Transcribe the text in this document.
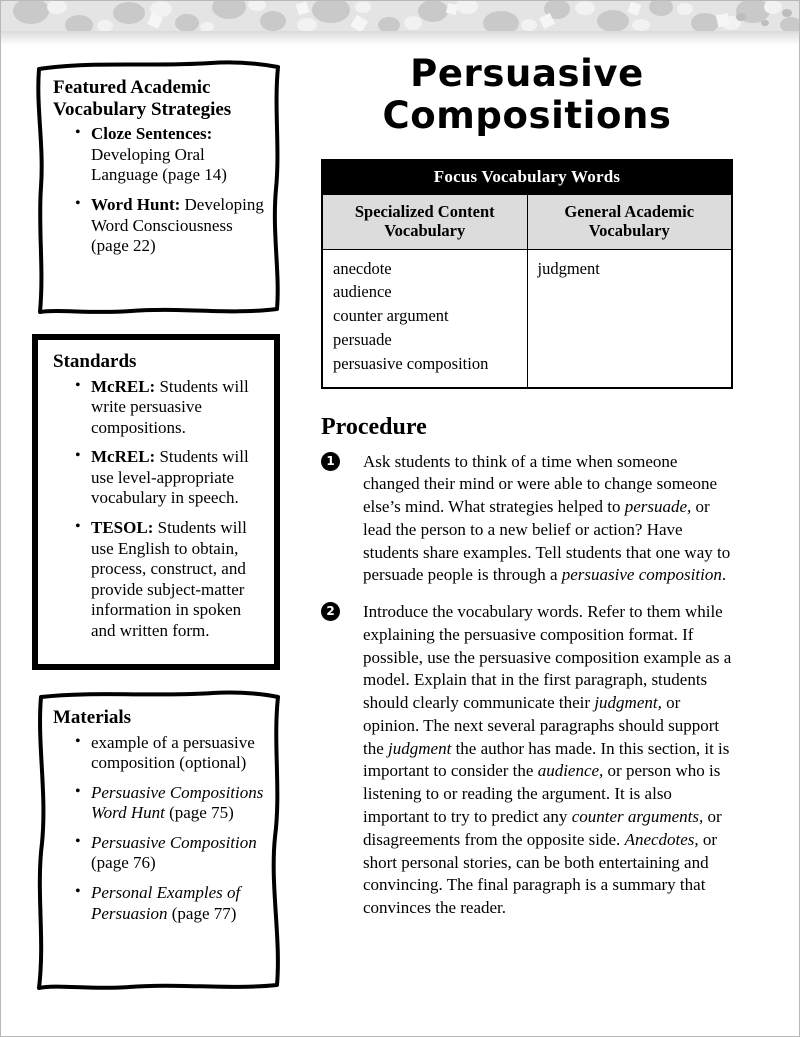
Featured Academic Vocabulary Strategies
• Cloze Sentences: Developing Oral Language (page 14)
• Word Hunt: Developing Word Consciousness (page 22)
Standards
• McREL: Students will write persuasive compositions.
• McREL: Students will use level-appropriate vocabulary in speech.
• TESOL: Students will use English to obtain, process, construct, and provide subject-matter information in spoken and written form.
Materials
• example of a persuasive composition (optional)
• Persuasive Compositions Word Hunt (page 75)
• Persuasive Composition (page 76)
• Personal Examples of Persuasion (page 77)
Persuasive Compositions
Focus Vocabulary Words	
Specialized Content Vocabulary	General Academic Vocabulary

anecdote
audience
counter argument
persuade
persuasive composition	judgment
Procedure
1	Ask students to think of a time when someone changed their mind or were able to change someone else’s mind. What strategies helped to persuade, or lead the person to a new belief or action? Have students share examples. Tell students that one way to persuade people is through a persuasive composition.
2	Introduce the vocabulary words. Refer to them while explaining the persuasive composition format. If possible, use the persuasive composition example as a model. Explain that in the first paragraph, students should clearly communicate their judgment, or opinion. The next several paragraphs should support the judgment the author has made. In this section, it is important to consider the audience, or person who is listening to or reading the argument. It is also important to try to predict any counter arguments, or disagreements from the opposite side. Anecdotes, or short personal stories, can be both entertaining and convincing. The final paragraph is a summary that convinces the reader.
